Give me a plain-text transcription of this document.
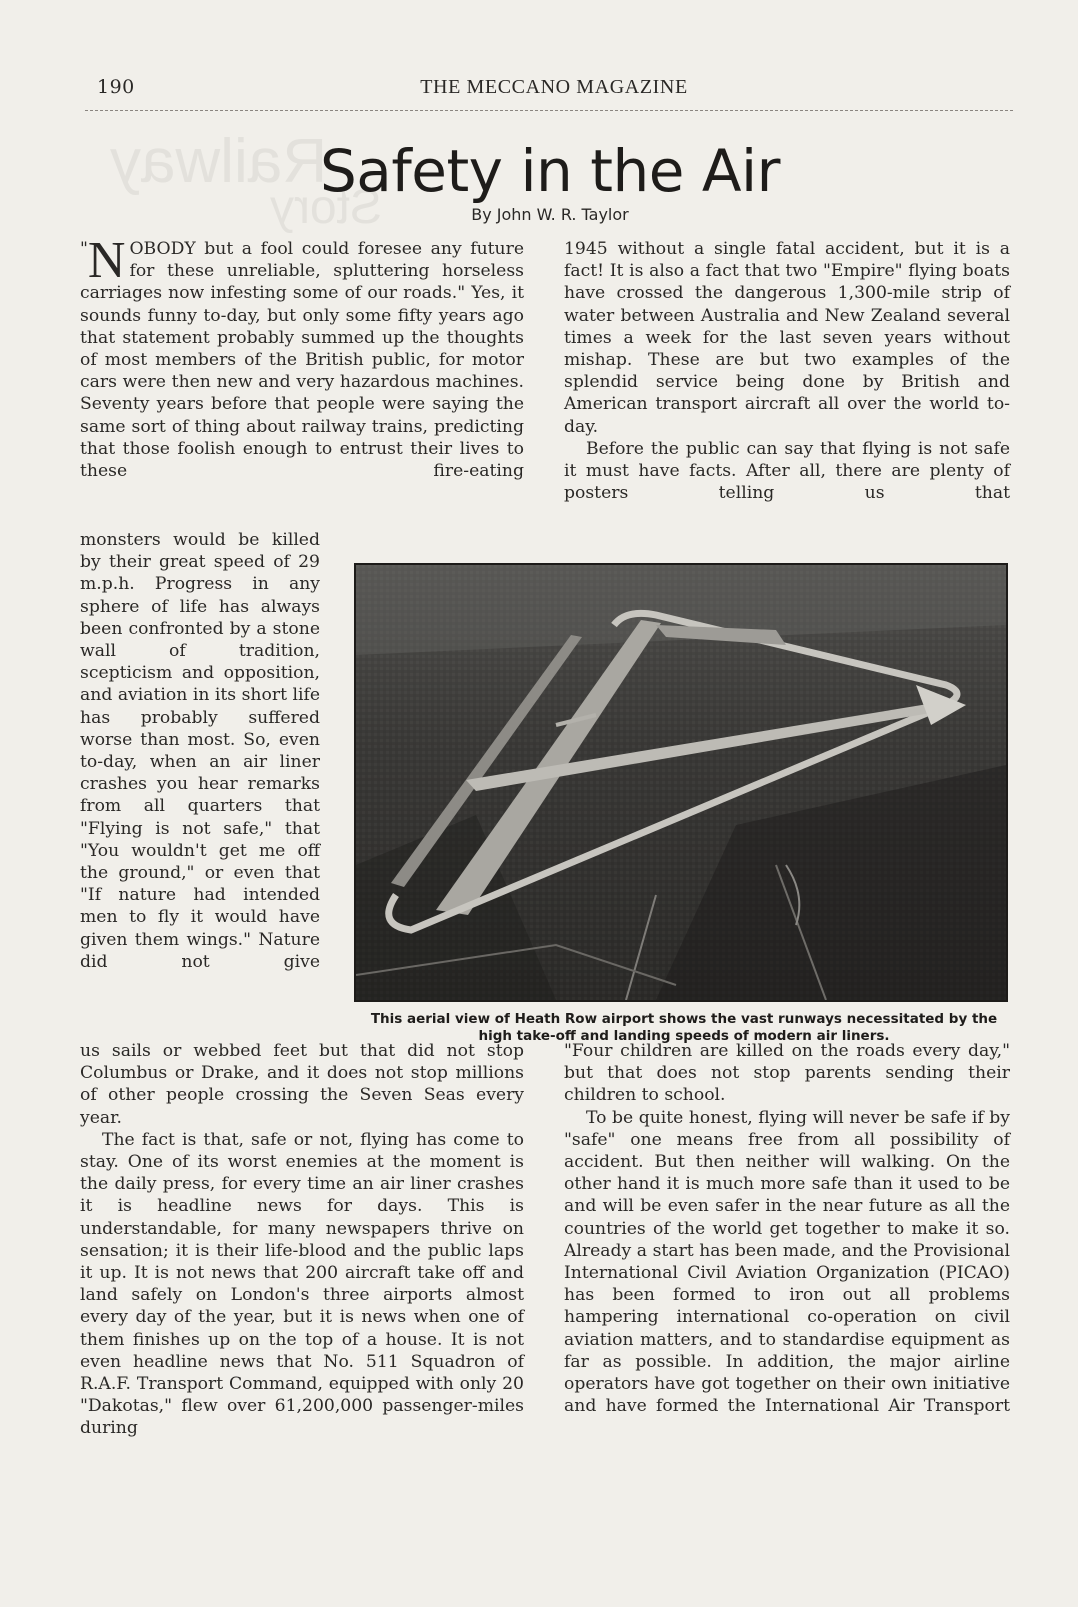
Railway
Story
190	THE MECCANO MAGAZINE
Safety in the Air
By John W. R. Taylor

" N OBODY but a fool could foresee any future for these unreliable, spluttering horseless carriages now infesting some of our roads." Yes, it sounds funny to-day, but only some fifty years ago that statement probably summed up the thoughts of most members of the British public, for motor cars were then new and very hazardous machines. Seventy years before that people were saying the same sort of thing about railway trains, predicting that those foolish enough to entrust their lives to these fire-eating

monsters would be killed by their great speed of 29 m.p.h. Progress in any sphere of life has always been confronted by a stone wall of tradition, scepticism and opposition, and aviation in its short life has probably suffered worse than most. So, even to-day, when an air liner crashes you hear remarks from all quarters that "Flying is not safe," that "You wouldn't get me off the ground," or even that "If nature had intended men to fly it would have given them wings." Nature did not give

1945 without a single fatal accident, but it is a fact! It is also a fact that two "Empire" flying boats have crossed the dangerous 1,300-mile strip of water between Australia and New Zealand several times a week for the last seven years without mishap. These are but two examples of the splendid service being done by British and American transport aircraft all over the world to-day.

Before the public can say that flying is not safe it must have facts. After all, there are plenty of posters telling us that

This aerial view of Heath Row airport shows the vast runways necessitated by the high take-off and landing speeds of modern air liners.

us sails or webbed feet but that did not stop Columbus or Drake, and it does not stop millions of other people crossing the Seven Seas every year.

The fact is that, safe or not, flying has come to stay. One of its worst enemies at the moment is the daily press, for every time an air liner crashes it is headline news for days. This is understandable, for many newspapers thrive on sensation; it is their life-blood and the public laps it up. It is not news that 200 aircraft take off and land safely on London's three airports almost every day of the year, but it is news when one of them finishes up on the top of a house. It is not even headline news that No. 511 Squadron of R.A.F. Transport Command, equipped with only 20 "Dakotas," flew over 61,200,000 passenger-miles during

"Four children are killed on the roads every day," but that does not stop parents sending their children to school.

To be quite honest, flying will never be safe if by "safe" one means free from all possibility of accident. But then neither will walking. On the other hand it is much more safe than it used to be and will be even safer in the near future as all the countries of the world get together to make it so. Already a start has been made, and the Provisional International Civil Aviation Organization (PICAO) has been formed to iron out all problems hampering international co-operation on civil aviation matters, and to standardise equipment as far as possible. In addition, the major airline operators have got together on their own initiative and have formed the International Air Transport
